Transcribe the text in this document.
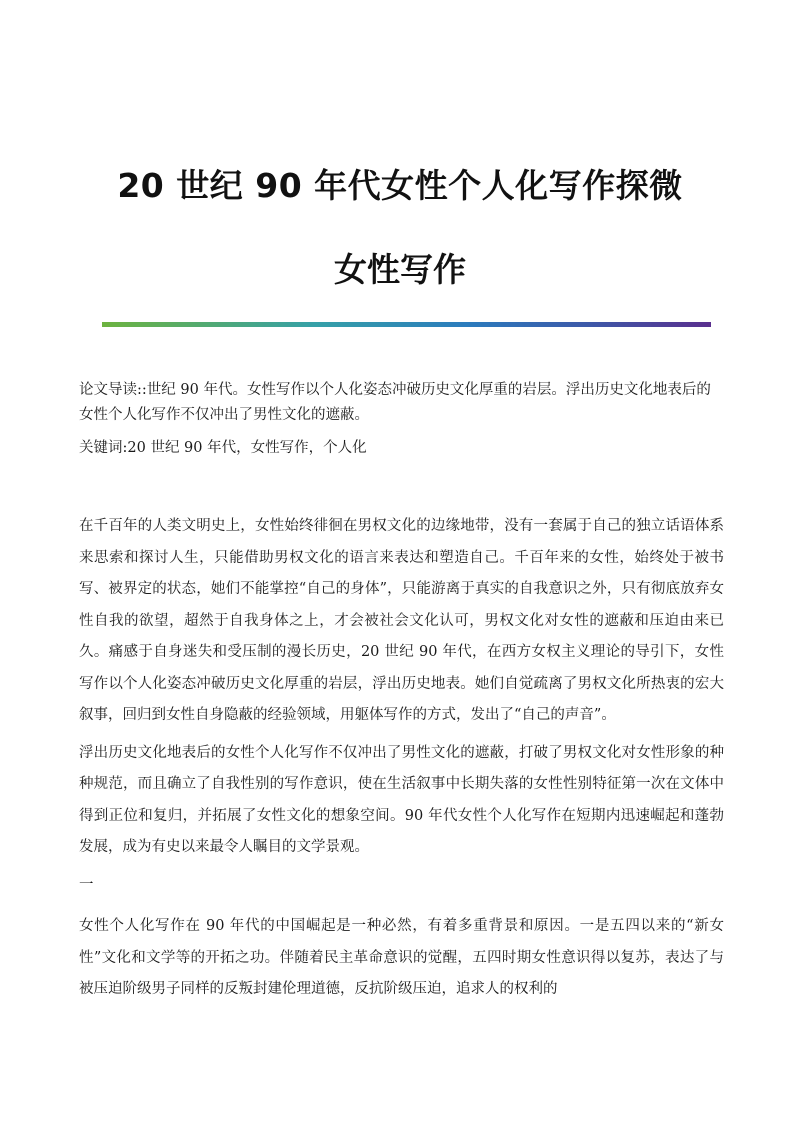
20 世纪 90 年代女性个人化写作探微
女性写作

论文导读::世纪 90 年代。女性写作以个人化姿态冲破历史文化厚重的岩层。浮出历史文化地表后的女性个人化写作不仅冲出了男性文化的遮蔽。

关键词:20 世纪 90 年代，女性写作，个人化

在千百年的人类文明史上，女性始终徘徊在男权文化的边缘地带，没有一套属于自己的独立话语体系来思索和探讨人生，只能借助男权文化的语言来表达和塑造自己。千百年来的女性，始终处于被书写、被界定的状态，她们不能掌控“自己的身体”，只能游离于真实的自我意识之外，只有彻底放弃女性自我的欲望，超然于自我身体之上，才会被社会文化认可，男权文化对女性的遮蔽和压迫由来已久。痛感于自身迷失和受压制的漫长历史，20 世纪 90 年代，在西方女权主义理论的导引下，女性写作以个人化姿态冲破历史文化厚重的岩层，浮出历史地表。她们自觉疏离了男权文化所热衷的宏大叙事，回归到女性自身隐蔽的经验领域，用躯体写作的方式，发出了“自己的声音”。

浮出历史文化地表后的女性个人化写作不仅冲出了男性文化的遮蔽，打破了男权文化对女性形象的种种规范，而且确立了自我性别的写作意识，使在生活叙事中长期失落的女性性别特征第一次在文体中得到正位和复归，并拓展了女性文化的想象空间。90 年代女性个人化写作在短期内迅速崛起和蓬勃发展，成为有史以来最令人瞩目的文学景观。

一

女性个人化写作在 90 年代的中国崛起是一种必然，有着多重背景和原因。一是五四以来的“新女性”文化和文学等的开拓之功。伴随着民主革命意识的觉醒，五四时期女性意识得以复苏，表达了与被压迫阶级男子同样的反叛封建伦理道德，反抗阶级压迫，追求人的权利的
